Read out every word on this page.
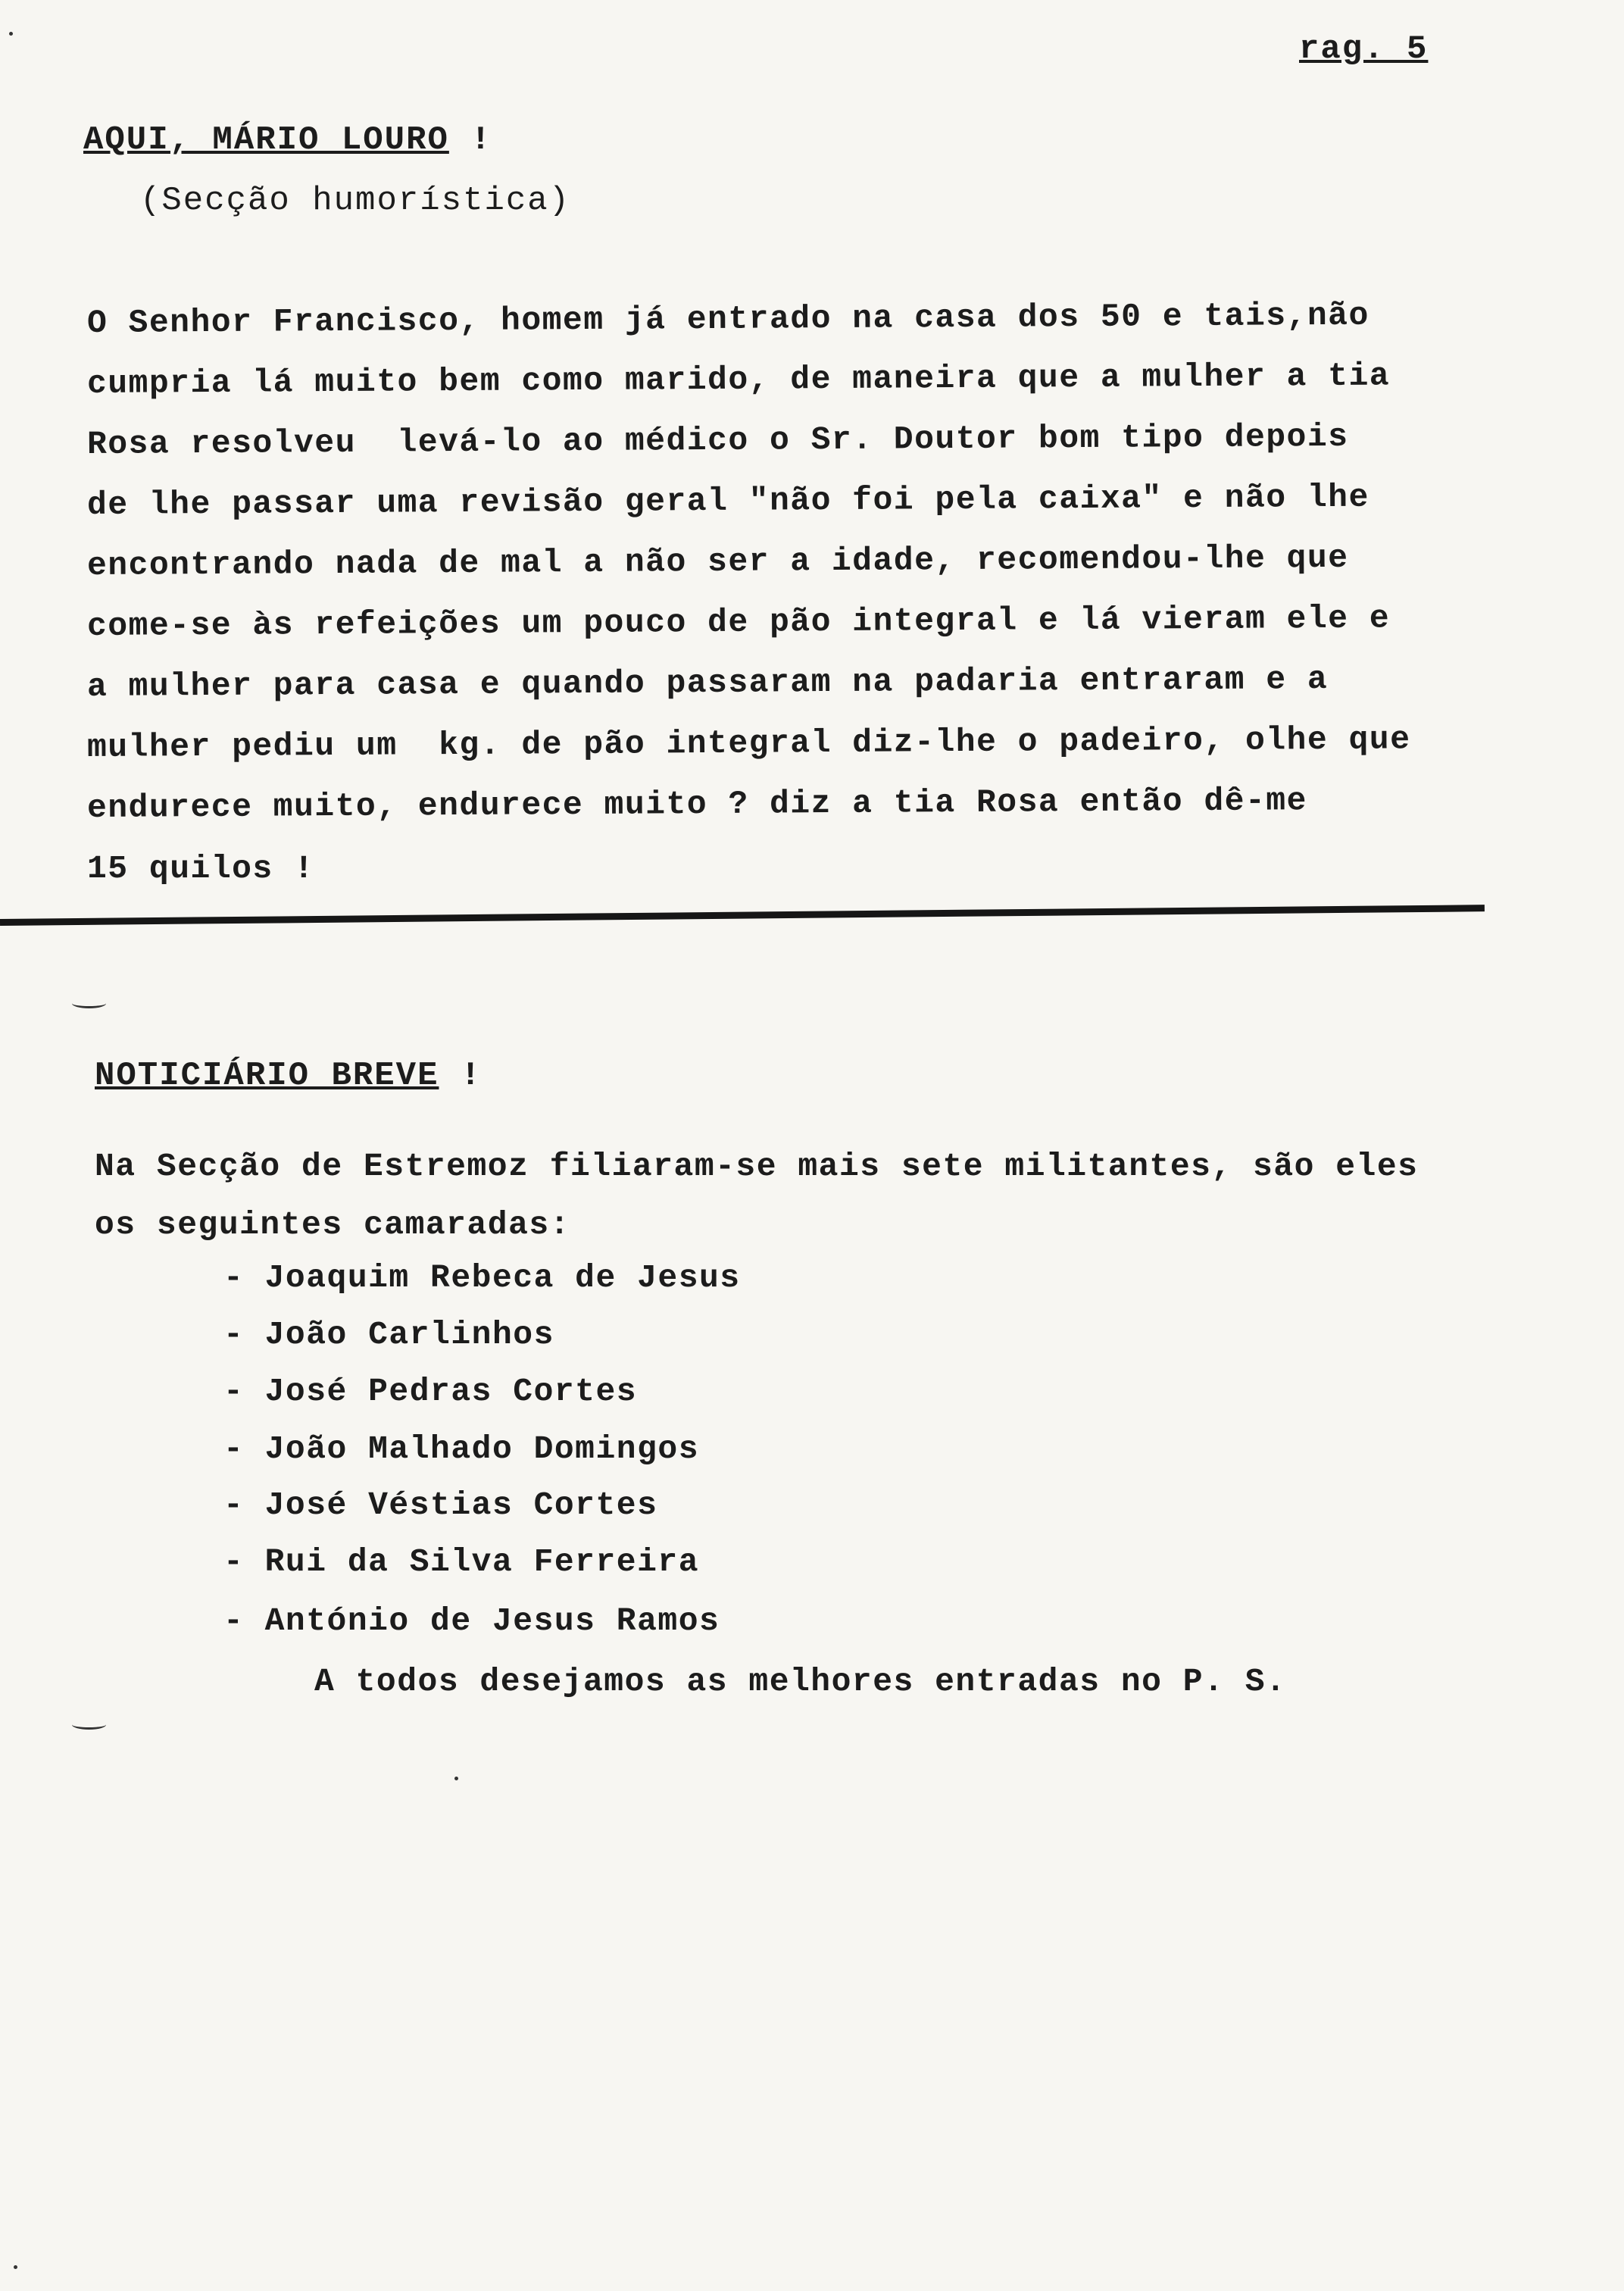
rag. 5
AQUI, MÁRIO LOURO !
(Secção humorística)
O Senhor Francisco, homem já entrado na casa dos 50 e tais,não
cumpria lá muito bem como marido, de maneira que a mulher a tia
Rosa resolveu  levá-lo ao médico o Sr. Doutor bom tipo depois
de lhe passar uma revisão geral "não foi pela caixa" e não lhe
encontrando nada de mal a não ser a idade, recomendou-lhe que
come-se às refeições um pouco de pão integral e lá vieram ele e
a mulher para casa e quando passaram na padaria entraram e a
mulher pediu um  kg. de pão integral diz-lhe o padeiro, olhe que
endurece muito, endurece muito ? diz a tia Rosa então dê-me
15 quilos !
NOTICIÁRIO BREVE !
Na Secção de Estremoz filiaram-se mais sete militantes, são eles
os seguintes camaradas:
- Joaquim Rebeca de Jesus
- João Carlinhos
- José Pedras Cortes
- João Malhado Domingos
- José Véstias Cortes
- Rui da Silva Ferreira
- António de Jesus Ramos
A todos desejamos as melhores entradas no P. S.
